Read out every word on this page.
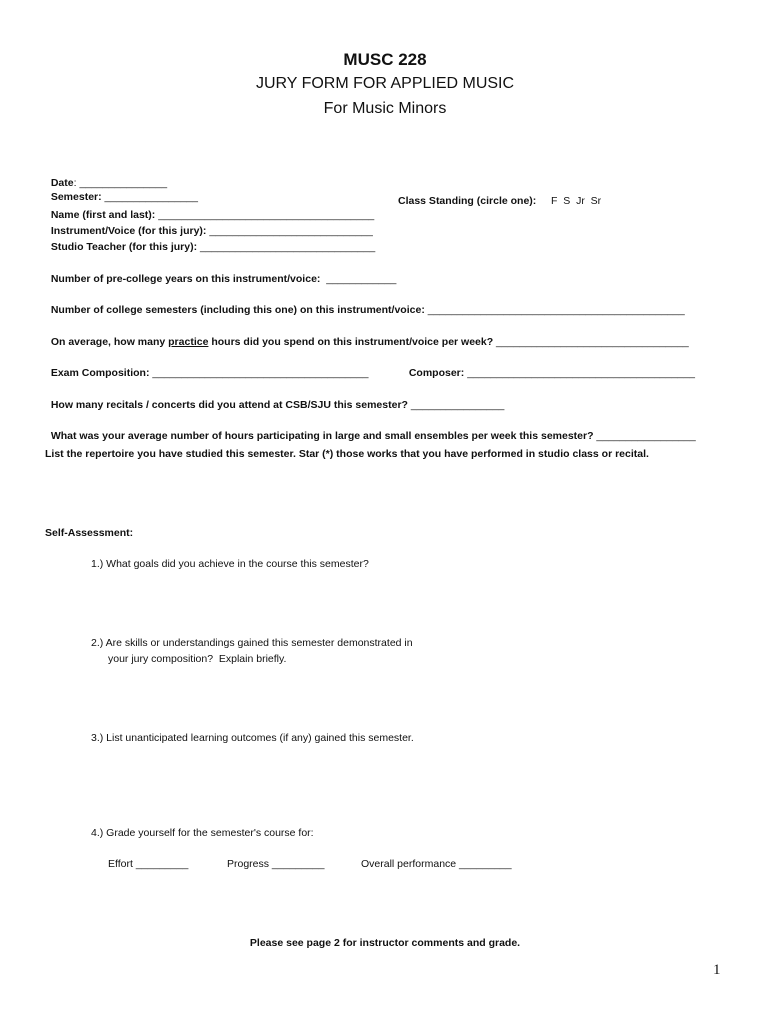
MUSC 228
JURY FORM FOR APPLIED MUSIC
For Music Minors

Date: _______________
Semester: ________________

Name (first and last): _____________________________________

Class Standing (circle one): F  S  Jr  Sr

Instrument/Voice (for this jury): ____________________________

Studio Teacher (for this jury): ______________________________

Number of pre-college years on this instrument/voice:  ____________

Number of college semesters (including this one) on this instrument/voice: ____________________________________________

On average, how many practice hours did you spend on this instrument/voice per week? _________________________________

Exam Composition: _____________________________________	Composer: _______________________________________

How many recitals / concerts did you attend at CSB/SJU this semester? ________________

What was your average number of hours participating in large and small ensembles per week this semester? _________________

List the repertoire you have studied this semester. Star (*) those works that you have performed in studio class or recital.
Self-Assessment:
1.) What goals did you achieve in the course this semester?
2.) Are skills or understandings gained this semester demonstrated in
your jury composition?  Explain briefly.
3.) List unanticipated learning outcomes (if any) gained this semester.
4.) Grade yourself for the semester's course for:
Effort _________	Progress _________	Overall performance _________
Please see page 2 for instructor comments and grade.
1
